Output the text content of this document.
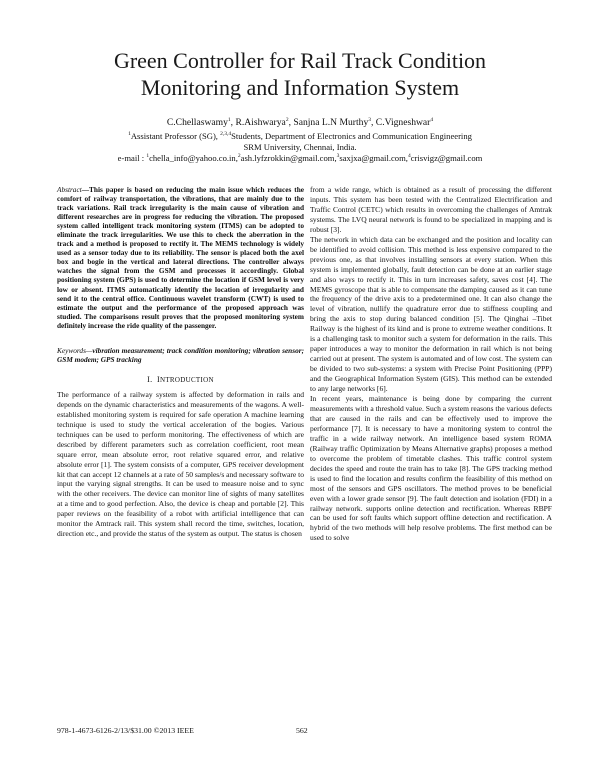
Green Controller for Rail Track Condition
Monitoring and Information System
C.Chellaswamy$^1$, R.Aishwarya$^2$, Sanjna L.N Murthy$^3$, C.Vigneshwar$^4$
$^1$Assistant Professor (SG), $^{2,3,4}$Students, Department of Electronics and Communication Engineering
SRM University, Chennai, India.
e-mail : $^1$chella_info@yahoo.co.in,$^2$ash.lyfzrokkin@gmail.com,$^3$saxjxa@gmail.com,$^4$crisvigz@gmail.com

Abstract—This paper is based on reducing the main issue which reduces the comfort of railway transportation, the vibrations, that are mainly due to the track variations. Rail track irregularity is the main cause of vibration and different researches are in progress for reducing the vibration. The proposed system called intelligent track monitoring system (ITMS) can be adopted to eliminate the track irregularities. We use this to check the aberration in the track and a method is proposed to rectify it. The MEMS technology is widely used as a sensor today due to its reliability. The sensor is placed both the axel box and bogie in the vertical and lateral directions. The controller always watches the signal from the GSM and processes it accordingly. Global positioning system (GPS) is used to determine the location if GSM level is very low or absent. ITMS automatically identify the location of irregularity and send it to the central office. Continuous wavelet transform (CWT) is used to estimate the output and the performance of the proposed approach was studied. The comparisons result proves that the proposed monitoring system definitely increase the ride quality of the passenger.

Keywords—vibration measurement; track condition monitoring; vibration sensor; GSM modem; GPS tracking

I. INTRODUCTION

The performance of a railway system is affected by deformation in rails and depends on the dynamic characteristics and measurements of the wagons. A well-established monitoring system is required for safe operation A machine learning technique is used to study the vertical acceleration of the bogies. Various techniques can be used to perform monitoring. The effectiveness of which are described by different parameters such as correlation coefficient, root mean square error, mean absolute error, root relative squared error, and relative absolute error [1]. The system consists of a computer, GPS receiver development kit that can accept 12 channels at a rate of 50 samples/s and necessary software to input the varying signal strengths. It can be used to measure noise and to sync with the other receivers. The device can monitor line of sights of many satellites at a time and to good perfection. Also, the device is cheap and portable [2]. This paper reviews on the feasibility of a robot with artificial intelligence that can monitor the Amtrack rail. This system shall record the time, switches, location, direction etc., and provide the status of the system as output. The status is chosen

from a wide range, which is obtained as a result of processing the different inputs. This system has been tested with the Centralized Electrification and Traffic Control (CETC) which results in overcoming the challenges of Amtrak systems. The LVQ neural network is found to be specialized in mapping and is robust [3].

The network in which data can be exchanged and the position and locality can be identified to avoid collision. This method is less expensive compared to the previous one, as that involves installing sensors at every station. When this system is implemented globally, fault detection can be done at an earlier stage and also ways to rectify it. This in turn increases safety, saves cost [4]. The MEMS gyroscope that is able to compensate the damping caused as it can tune the frequency of the drive axis to a predetermined one. It can also change the level of vibration, nullify the quadrature error due to stiffness coupling and bring the axis to stop during balanced condition [5]. The Qinghai –Tibet Railway is the highest of its kind and is prone to extreme weather conditions. It is a challenging task to monitor such a system for deformation in the rails. This paper introduces a way to monitor the deformation in rail which is not being carried out at present. The system is automated and of low cost. The system can be divided to two sub-systems: a system with Precise Point Positioning (PPP) and the Geographical Information System (GIS). This method can be extended to any large networks [6].

In recent years, maintenance is being done by comparing the current measurements with a threshold value. Such a system reasons the various defects that are caused in the rails and can be effectively used to improve the performance [7]. It is necessary to have a monitoring system to control the traffic in a wide railway network. An intelligence based system ROMA (Railway traffic Optimization by Means Alternative graphs) proposes a method to overcome the problem of timetable clashes. This traffic control system decides the speed and route the train has to take [8]. The GPS tracking method is used to find the location and results confirm the feasibility of this method on most of the sensors and GPS oscillators. The method proves to be beneficial even with a lower grade sensor [9]. The fault detection and isolation (FDI) in a railway network. supports online detection and rectification. Whereas RBPF can be used for soft faults which support offline detection and rectification. A hybrid of the two methods will help resolve problems. The first method can be used to solve

978-1-4673-6126-2/13/$31.00 ©2013 IEEE	562
